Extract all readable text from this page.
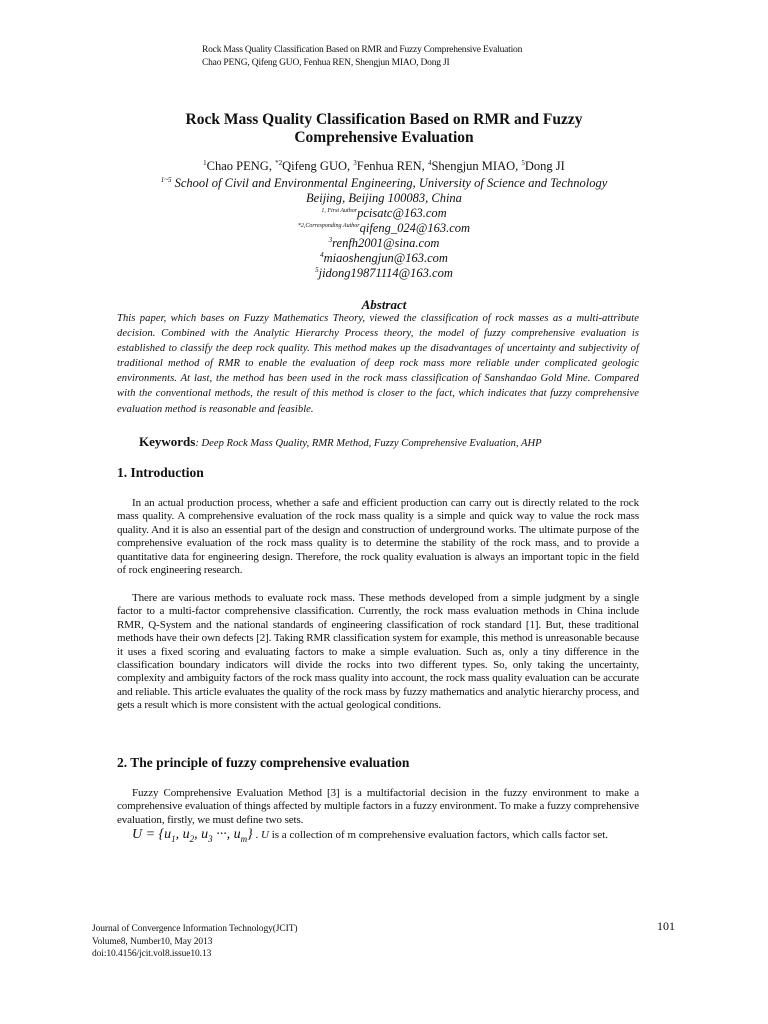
Rock Mass Quality Classification Based on RMR and Fuzzy Comprehensive Evaluation
Chao PENG, Qifeng GUO, Fenhua REN, Shengjun MIAO, Dong JI
Rock Mass Quality Classification Based on RMR and Fuzzy
Comprehensive Evaluation
$^1$Chao PENG, $^{*2}$Qifeng GUO, $^3$Fenhua REN, $^4$Shengjun MIAO, $^5$Dong JI
$^{1\sim 5}$ School of Civil and Environmental Engineering, University of Science and Technology
Beijing, Beijing 100083, China
$^{1, First Author}$pcisatc@163.com
$^{*2,Corresponding Author}$qifeng_024@163.com
$^3$renfh2001@sina.com
$^4$miaoshengjun@163.com
$^5$jidong19871114@163.com
Abstract
This paper, which bases on Fuzzy Mathematics Theory, viewed the classification of rock masses as a multi-attribute decision. Combined with the Analytic Hierarchy Process theory, the model of fuzzy comprehensive evaluation is established to classify the deep rock quality. This method makes up the disadvantages of uncertainty and subjectivity of traditional method of RMR to enable the evaluation of deep rock mass more reliable under complicated geologic environments. At last, the method has been used in the rock mass classification of Sanshandao Gold Mine. Compared with the conventional methods, the result of this method is closer to the fact, which indicates that fuzzy comprehensive evaluation method is reasonable and feasible.
Keywords: Deep Rock Mass Quality, RMR Method, Fuzzy Comprehensive Evaluation, AHP
1. Introduction
In an actual production process, whether a safe and efficient production can carry out is directly related to the rock mass quality. A comprehensive evaluation of the rock mass quality is a simple and quick way to value the rock mass quality. And it is also an essential part of the design and construction of underground works. The ultimate purpose of the comprehensive evaluation of the rock mass quality is to determine the stability of the rock mass, and to provide a quantitative data for engineering design. Therefore, the rock quality evaluation is always an important topic in the field of rock engineering research.
There are various methods to evaluate rock mass. These methods developed from a simple judgment by a single factor to a multi-factor comprehensive classification. Currently, the rock mass evaluation methods in China include RMR, Q-System and the national standards of engineering classification of rock standard [1]. But, these traditional methods have their own defects [2]. Taking RMR classification system for example, this method is unreasonable because it uses a fixed scoring and evaluating factors to make a simple evaluation. Such as, only a tiny difference in the classification boundary indicators will divide the rocks into two different types. So, only taking the uncertainty, complexity and ambiguity factors of the rock mass quality into account, the rock mass quality evaluation can be accurate and reliable. This article evaluates the quality of the rock mass by fuzzy mathematics and analytic hierarchy process, and gets a result which is more consistent with the actual geological conditions.
2. The principle of fuzzy comprehensive evaluation
Fuzzy Comprehensive Evaluation Method [3] is a multifactorial decision in the fuzzy environment to make a comprehensive evaluation of things affected by multiple factors in a fuzzy environment. To make a fuzzy comprehensive evaluation, firstly, we must define two sets.
$U = \{u_1$, $u_2$, $u_3$ ···, $u_m$} . U is a collection of m comprehensive evaluation factors, which calls factor set.
Journal of Convergence Information Technology(JCIT)
Volume8, Number10, May 2013
doi:10.4156/jcit.vol8.issue10.13
101
